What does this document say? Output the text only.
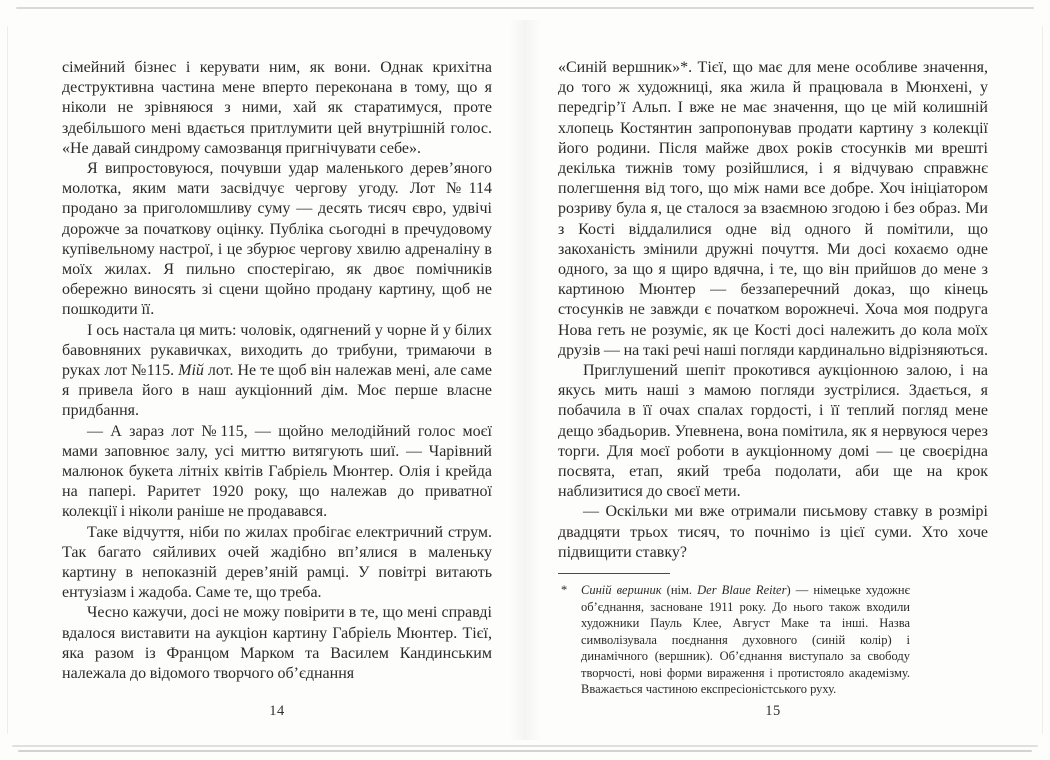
сімейний бізнес і керувати ним, як вони. Однак крихітна деструктивна частина мене вперто переконана в тому, що я ніколи не зрівняюся з ними, хай як старатимуся, проте здебільшого мені вдається притлумити цей внутрішній голос. «Не давай синдрому самозванця пригнічувати себе».

Я випростовуюся, почувши удар маленького дерев’яного молотка, яким мати засвідчує чергову угоду. Лот №114 продано за приголомшливу суму — десять тисяч євро, удвічі дорожче за початкову оцінку. Публіка сьогодні в пречудовому купівельному настрої, і це збурює чергову хвилю адреналіну в моїх жилах. Я пильно спостерігаю, як двоє помічників обережно виносять зі сцени щойно продану картину, щоб не пошкодити її.

І ось настала ця мить: чоловік, одягнений у чорне й у білих бавовняних рукавичках, виходить до трибуни, тримаючи в руках лот №115. Мій лот. Не те щоб він належав мені, але саме я привела його в наш аукціонний дім. Моє перше власне придбання.

— А зараз лот №115, — щойно мелодійний голос моєї мами заповнює залу, усі миттю витягують шиї. — Чарівний малюнок букета літніх квітів Габріель Мюнтер. Олія і крейда на папері. Раритет 1920 року, що належав до приватної колекції і ніколи раніше не продавався.

Таке відчуття, ніби по жилах пробігає електричний струм. Так багато сяйливих очей жадібно вп’ялися в маленьку картину в непоказній дерев’яній рамці. У повітрі витають ентузіазм і жадоба. Саме те, що треба.

Чесно кажучи, досі не можу повірити в те, що мені справді вдалося виставити на аукціон картину Габріель Мюнтер. Тієї, яка разом із Францом Марком та Василем Кандинським належала до відомого творчого об’єднання

14

«Синій вершник»*. Тієї, що має для мене особливе значення, до того ж художниці, яка жила й працювала в Мюнхені, у передгір’ї Альп. І вже не має значення, що це мій колишній хлопець Костянтин запропонував продати картину з колекції його родини. Після майже двох років стосунків ми врешті декілька тижнів тому розійшлися, і я відчуваю справжнє полегшення від того, що між нами все добре. Хоч ініціатором розриву була я, це сталося за взаємною згодою і без образ. Ми з Кості віддалилися одне від одного й помітили, що закоханість змінили дружні почуття. Ми досі кохаємо одне одного, за що я щиро вдячна, і те, що він прийшов до мене з картиною Мюнтер — беззаперечний доказ, що кінець стосунків не завжди є початком ворожнечі. Хоча моя подруга Нова геть не розуміє, як це Кості досі належить до кола моїх друзів — на такі речі наші погляди кардинально відрізняються.

Приглушений шепіт прокотився аукціонною залою, і на якусь мить наші з мамою погляди зустрілися. Здається, я побачила в її очах спалах гордості, і її теплий погляд мене дещо збадьорив. Упевнена, вона помітила, як я нервуюся через торги. Для моєї роботи в аукціонному домі — це своєрідна посвята, етап, який треба подолати, аби ще на крок наблизитися до своєї мети.

— Оскільки ми вже отримали письмову ставку в розмірі двадцяти трьох тисяч, то почнімо із цієї суми. Хто хоче підвищити ставку?

* Синій вершник (нім. Der Blaue Reiter) — німецьке художнє об’єднання, засноване 1911 року. До нього також входили художники Пауль Клее, Август Маке та інші. Назва символізувала поєднання духовного (синій колір) і динамічного (вершник). Об’єднання виступало за свободу творчості, нові форми вираження і протистояло академізму. Вважається частиною експресіоністського руху.
15
